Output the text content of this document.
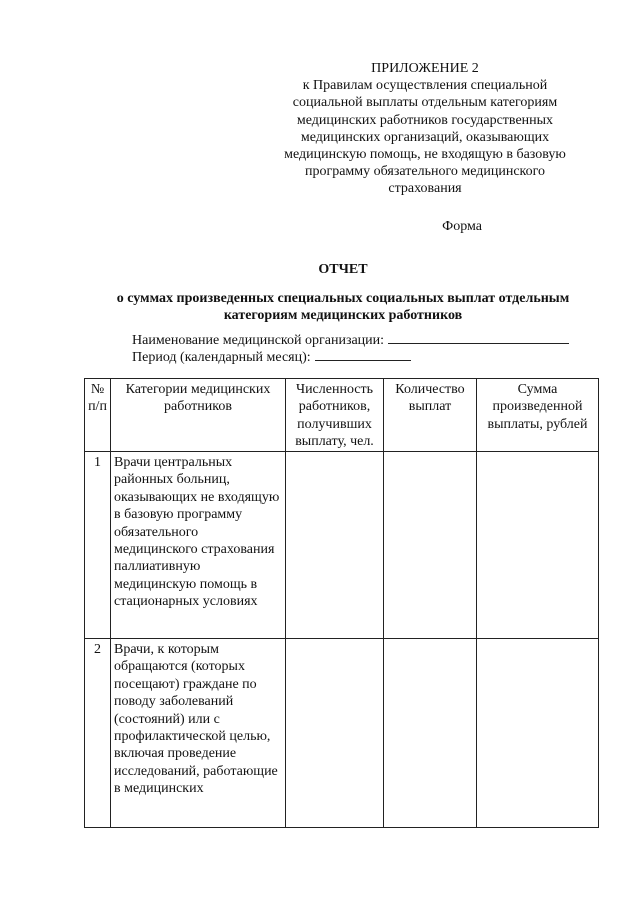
ПРИЛОЖЕНИЕ 2
к Правилам осуществления специальной
социальной выплаты отдельным категориям
медицинских работников государственных
медицинских организаций, оказывающих
медицинскую помощь, не входящую в базовую
программу обязательного медицинского
страхования
Форма
ОТЧЕТ
о суммах произведенных специальных социальных выплат отдельным
категориям медицинских работников
Наименование медицинской организации:
Период (календарный месяц):
№ п/п	Категории медицинских работников	Численность работников, получивших выплату, чел.	Количество выплат	Сумма произведенной выплаты, рублей
1	Врачи центральных районных больниц, оказывающих не входящую в базовую программу обязательного медицинского страхования паллиативную медицинскую помощь в стационарных условиях			
2	Врачи, к которым обращаются (которых посещают) граждане по поводу заболеваний (состояний) или с профилактической целью, включая проведение исследований, работающие в медицинских			
